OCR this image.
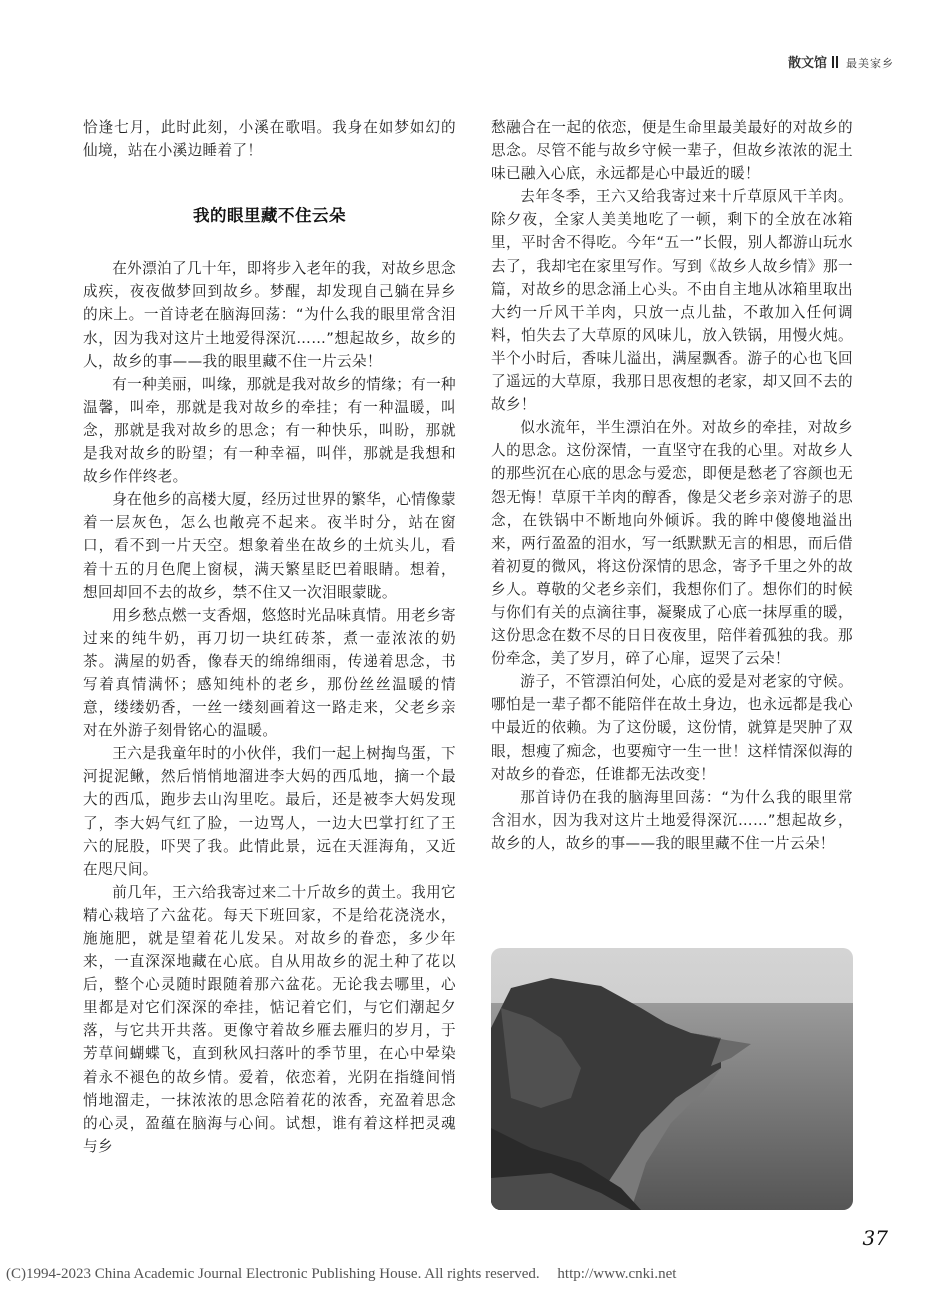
散文馆 最美家乡

恰逢七月，此时此刻，小溪在歌唱。我身在如梦如幻的仙境，站在小溪边睡着了！

我的眼里藏不住云朵

在外漂泊了几十年，即将步入老年的我，对故乡思念成疾，夜夜做梦回到故乡。梦醒，却发现自己躺在异乡的床上。一首诗老在脑海回荡：“为什么我的眼里常含泪水，因为我对这片土地爱得深沉……”想起故乡，故乡的人，故乡的事——我的眼里藏不住一片云朵！

有一种美丽，叫缘，那就是我对故乡的情缘；有一种温馨，叫牵，那就是我对故乡的牵挂；有一种温暖，叫念，那就是我对故乡的思念；有一种快乐，叫盼，那就是我对故乡的盼望；有一种幸福，叫伴，那就是我想和故乡作伴终老。

身在他乡的高楼大厦，经历过世界的繁华，心情像蒙着一层灰色，怎么也敞亮不起来。夜半时分，站在窗口，看不到一片天空。想象着坐在故乡的土炕头儿，看着十五的月色爬上窗棂，满天繁星眨巴着眼睛。想着，想回却回不去的故乡，禁不住又一次泪眼蒙眬。

用乡愁点燃一支香烟，悠悠时光品味真情。用老乡寄过来的纯牛奶，再刀切一块红砖茶，煮一壶浓浓的奶茶。满屋的奶香，像春天的绵绵细雨，传递着思念，书写着真情满怀；感知纯朴的老乡，那份丝丝温暖的情意，缕缕奶香，一丝一缕刻画着这一路走来，父老乡亲对在外游子刻骨铭心的温暖。

王六是我童年时的小伙伴，我们一起上树掏鸟蛋，下河捉泥鳅，然后悄悄地溜进李大妈的西瓜地，摘一个最大的西瓜，跑步去山沟里吃。最后，还是被李大妈发现了，李大妈气红了脸，一边骂人，一边大巴掌打红了王六的屁股，吓哭了我。此情此景，远在天涯海角，又近在咫尺间。

前几年，王六给我寄过来二十斤故乡的黄土。我用它精心栽培了六盆花。每天下班回家，不是给花浇浇水，施施肥，就是望着花儿发呆。对故乡的眷恋，多少年来，一直深深地藏在心底。自从用故乡的泥土种了花以后，整个心灵随时跟随着那六盆花。无论我去哪里，心里都是对它们深深的牵挂，惦记着它们，与它们潮起夕落，与它共开共落。更像守着故乡雁去雁归的岁月，于芳草间蝴蝶飞，直到秋风扫落叶的季节里，在心中晕染着永不褪色的故乡情。爱着，依恋着，光阴在指缝间悄悄地溜走，一抹浓浓的思念陪着花的浓香，充盈着思念的心灵，盈蕴在脑海与心间。试想，谁有着这样把灵魂与乡

愁融合在一起的依恋，便是生命里最美最好的对故乡的思念。尽管不能与故乡守候一辈子，但故乡浓浓的泥土味已融入心底，永远都是心中最近的暖！

去年冬季，王六又给我寄过来十斤草原风干羊肉。除夕夜，全家人美美地吃了一顿，剩下的全放在冰箱里，平时舍不得吃。今年“五一”长假，别人都游山玩水去了，我却宅在家里写作。写到《故乡人故乡情》那一篇，对故乡的思念涌上心头。不由自主地从冰箱里取出大约一斤风干羊肉，只放一点儿盐，不敢加入任何调料，怕失去了大草原的风味儿，放入铁锅，用慢火炖。半个小时后，香味儿溢出，满屋飘香。游子的心也飞回了遥远的大草原，我那日思夜想的老家，却又回不去的故乡！

似水流年，半生漂泊在外。对故乡的牵挂，对故乡人的思念。这份深情，一直坚守在我的心里。对故乡人的那些沉在心底的思念与爱恋，即便是愁老了容颜也无怨无悔！草原干羊肉的醇香，像是父老乡亲对游子的思念，在铁锅中不断地向外倾诉。我的眸中傻傻地溢出来，两行盈盈的泪水，写一纸默默无言的相思，而后借着初夏的微风，将这份深情的思念，寄予千里之外的故乡人。尊敬的父老乡亲们，我想你们了。想你们的时候与你们有关的点滴往事，凝聚成了心底一抹厚重的暖，这份思念在数不尽的日日夜夜里，陪伴着孤独的我。那份牵念，美了岁月，碎了心扉，逗哭了云朵！

游子，不管漂泊何处，心底的爱是对老家的守候。哪怕是一辈子都不能陪伴在故土身边，也永远都是我心中最近的依赖。为了这份暖，这份情，就算是哭肿了双眼，想瘦了痴念，也要痴守一生一世！这样情深似海的对故乡的眷恋，任谁都无法改变！

那首诗仍在我的脑海里回荡：“为什么我的眼里常含泪水，因为我对这片土地爱得深沉……”想起故乡，故乡的人，故乡的事——我的眼里藏不住一片云朵！

37
(C)1994-2023 China Academic Journal Electronic Publishing House. All rights reserved. http://www.cnki.net
